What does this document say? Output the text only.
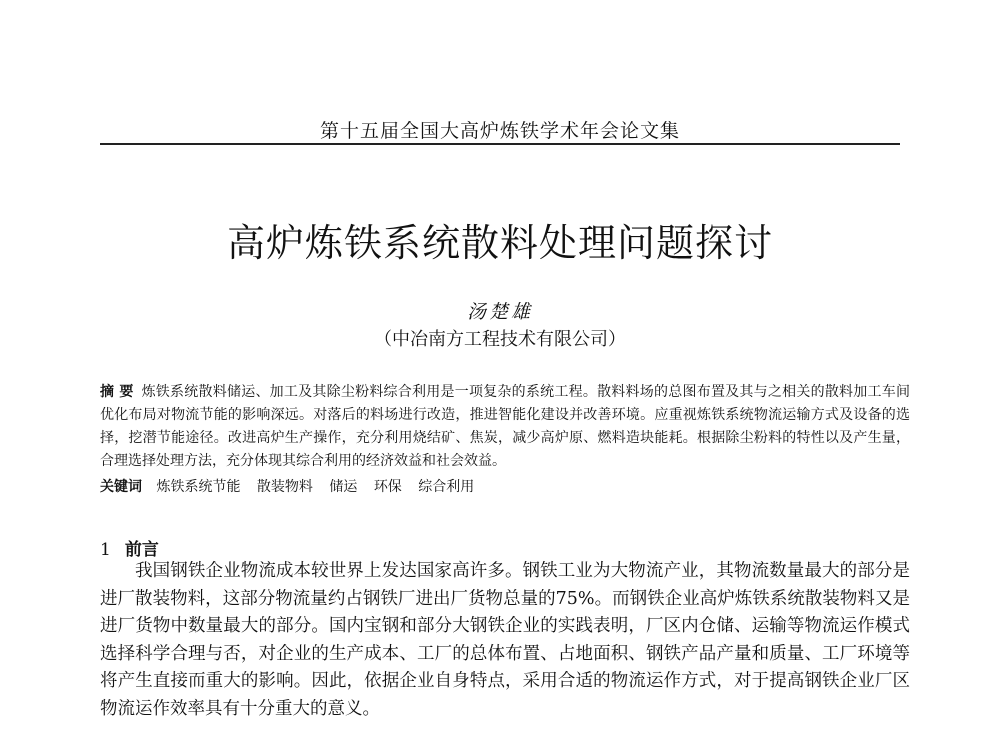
第十五届全国大高炉炼铁学术年会论文集
高炉炼铁系统散料处理问题探讨
汤楚雄
（中冶南方工程技术有限公司）
摘 要 炼铁系统散料储运、加工及其除尘粉料综合利用是一项复杂的系统工程。散料料场的总图布置及其与之相关的散料加工车间优化布局对物流节能的影响深远。对落后的料场进行改造，推进智能化建设并改善环境。应重视炼铁系统物流运输方式及设备的选择，挖潜节能途径。改进高炉生产操作，充分利用烧结矿、焦炭，减少高炉原、燃料造块能耗。根据除尘粉料的特性以及产生量，合理选择处理方法，充分体现其综合利用的经济效益和社会效益。
关键词 炼铁系统节能 散装物料 储运 环保 综合利用
1 前言

我国钢铁企业物流成本较世界上发达国家高许多。钢铁工业为大物流产业，其物流数量最大的部分是进厂散装物料，这部分物流量约占钢铁厂进出厂货物总量的75%。而钢铁企业高炉炼铁系统散装物料又是进厂货物中数量最大的部分。国内宝钢和部分大钢铁企业的实践表明，厂区内仓储、运输等物流运作模式选择科学合理与否，对企业的生产成本、工厂的总体布置、占地面积、钢铁产品产量和质量、工厂环境等将产生直接而重大的影响。因此，依据企业自身特点，采用合适的物流运作方式，对于提高钢铁企业厂区物流运作效率具有十分重大的意义。
